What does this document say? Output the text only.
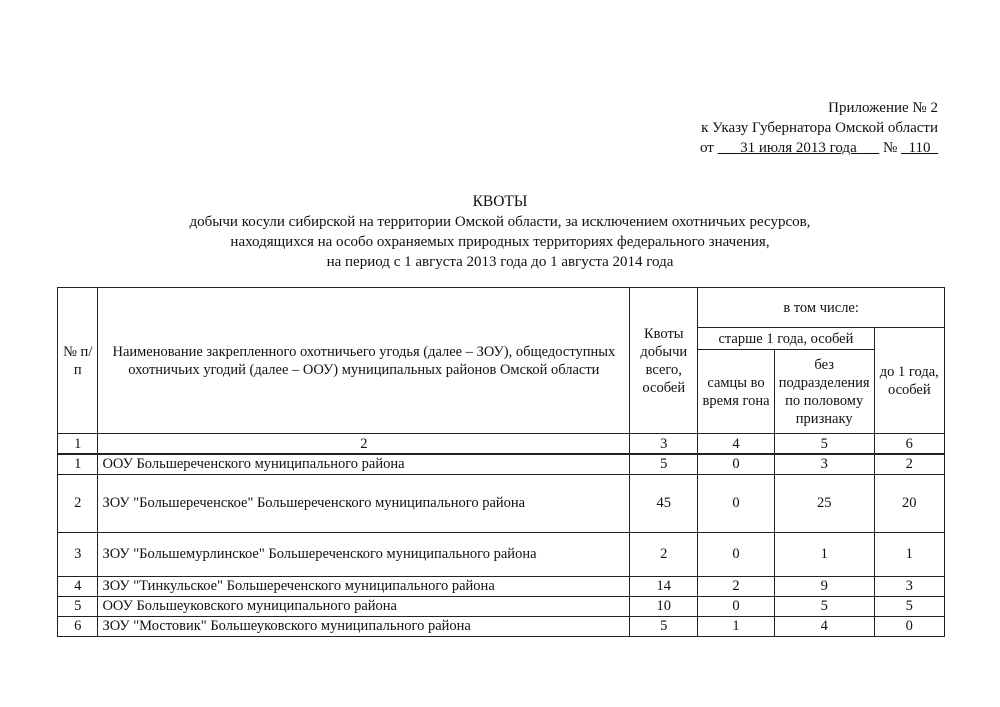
Приложение № 2
к Указу Губернатора Омской области
от 31 июля 2013 года № 110
КВОТЫ
добычи косули сибирской на территории Омской области, за исключением охотничьих ресурсов,
находящихся на особо охраняемых природных территориях федерального значения,
на период с 1 августа 2013 года до 1 августа 2014 года
№ п/п	Наименование закрепленного охотничьего угодья (далее – ЗОУ), общедоступных охотничьих угодий (далее – ООУ) муниципальных районов Омской области	Квоты добычи всего, особей	в том числе:		
			старше 1 года, особей		до 1 года, особей
			самцы во время гона	без подразделения по половому признаку	
1	2	3	4	5	6
1	ООУ Большереченского муниципального района	5	0	3	2
2	ЗОУ "Большереченское" Большереченского муниципального района	45	0	25	20
3	ЗОУ "Большемурлинское" Большереченского муниципального района	2	0	1	1
4	ЗОУ "Тинкульское" Большереченского муниципального района	14	2	9	3
5	ООУ Большеуковского муниципального района	10	0	5	5
6	ЗОУ "Мостовик" Большеуковского муниципального района	5	1	4	0
